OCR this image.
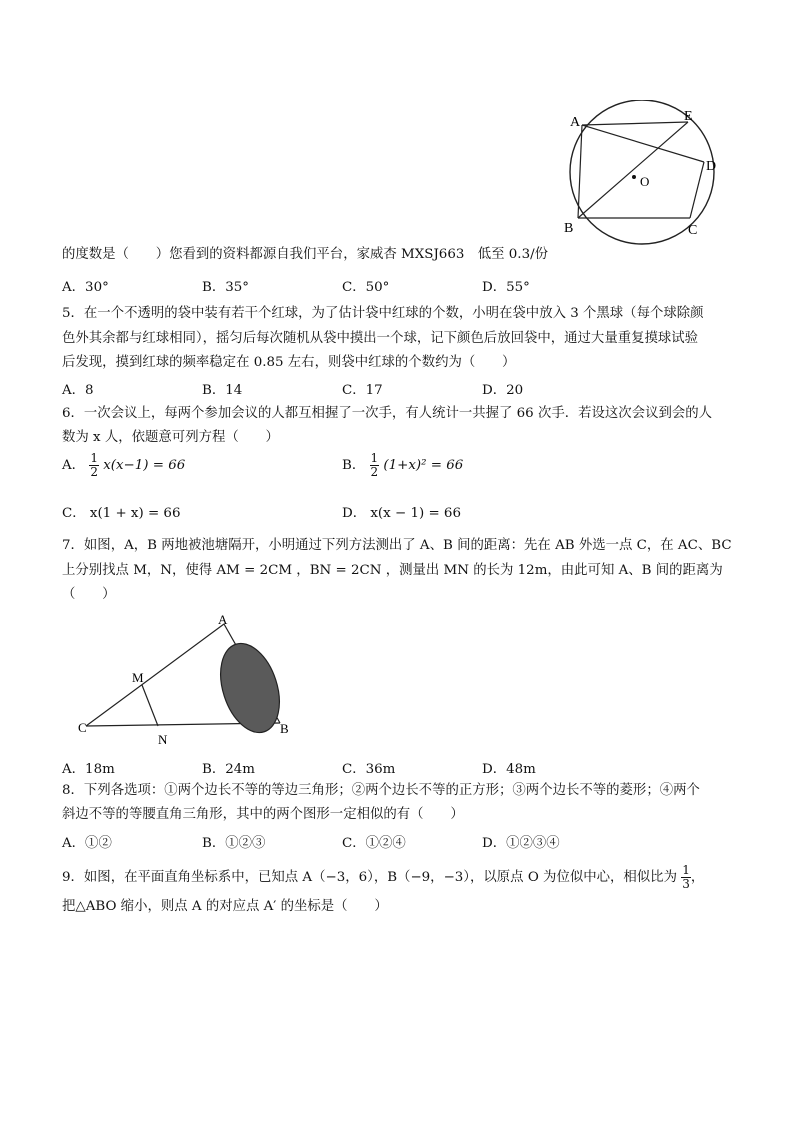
A	E
D
O
B	C
的度数是（　　）您看到的资料都源自我们平台，家威杏 MXSJ663　低至 0.3/份
A．30°	B．35°	C．50°	D．55°
5．在一个不透明的袋中装有若干个红球，为了估计袋中红球的个数，小明在袋中放入 3 个黑球（每个球除颜
色外其余都与红球相同），摇匀后每次随机从袋中摸出一个球，记下颜色后放回袋中，通过大量重复摸球试验
后发现，摸到红球的频率稳定在 0.85 左右，则袋中红球的个数约为（　　）
A．8	B．14	C．17	D．20
6．一次会议上，每两个参加会议的人都互相握了一次手，有人统计一共握了 66 次手．若设这次会议到会的人
数为 x 人，依题意可列方程（　　）
A． $\frac{1}{2} x(x-1) = 66$	B． $\frac{1}{2} (1+x)^2 = 66$
C． x(1 + x) = 66	D． x(x − 1) = 66
7．如图，A，B 两地被池塘隔开，小明通过下列方法测出了 A、B 间的距离：先在 AB 外选一点 C，在 AC、BC
上分别找点 M，N，使得 AM = 2CM ，BN = 2CN ，测量出 MN 的长为 12m，由此可知 A、B 间的距离为
（　　）
A
M
C
N
B
A．18m	B．24m	C．36m	D．48m
8．下列各选项：①两个边长不等的等边三角形；②两个边长不等的正方形；③两个边长不等的菱形；④两个
斜边不等的等腰直角三角形，其中的两个图形一定相似的有（　　）
A．①②	B．①②③	C．①②④	D．①②③④
9．如图，在平面直角坐标系中，已知点 A（−3，6），B（−9，−3），以原点 O 为位似中心，相似比为 $\frac{1}{3}$ ，
把△ABO 缩小，则点 A 的对应点 A′ 的坐标是（　　）
